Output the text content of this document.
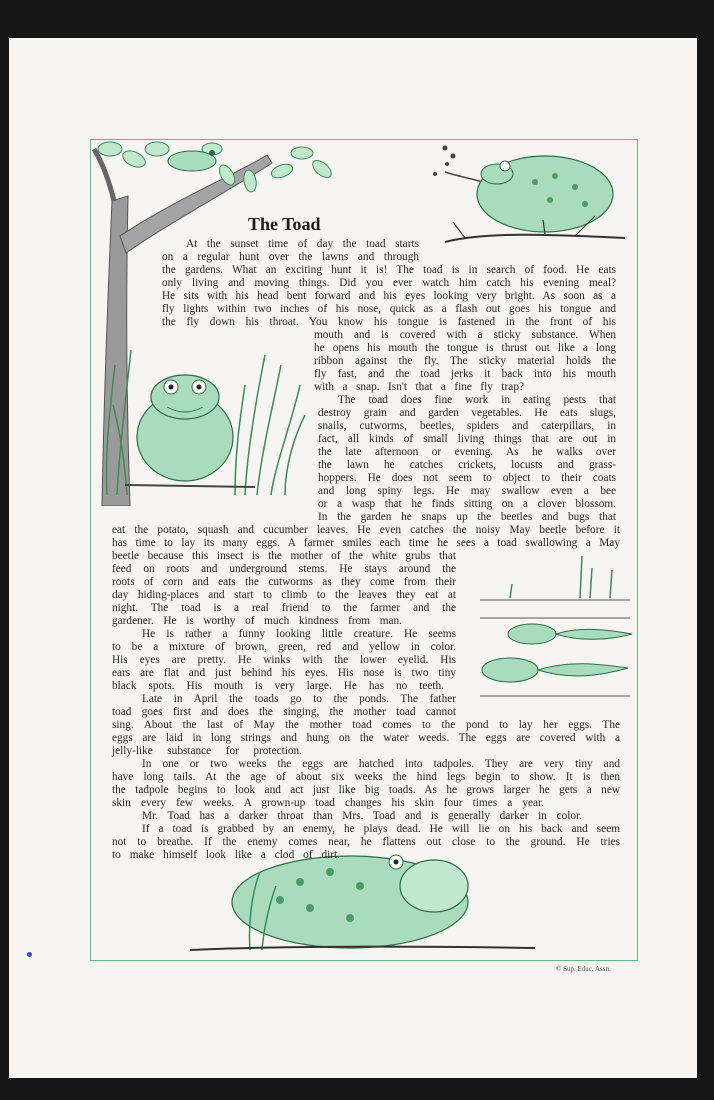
The Toad

At the sunset time of day the toad starts

on a regular hunt over the lawns and through

the gardens. What an exciting hunt it is! The toad is in search of food. He eats

only living and moving things. Did you ever watch him catch his evening meal?

He sits with his head bent forward and his eyes looking very bright. As soon as a

fly lights within two inches of his nose, quick as a flash out goes his tongue and

the fly down his throat. You know his tongue is fastened in the front of his

mouth and is covered with a sticky substance. When

he opens his mouth the tongue is thrust out like a long

ribbon against the fly. The sticky material holds the

fly fast, and the toad jerks it back into his mouth

with a snap. Isn't that a fine fly trap?

The toad does fine work in eating pests that

destroy grain and garden vegetables. He eats slugs,

snails, cutworms, beetles, spiders and caterpillars, in

fact, all kinds of small living things that are out in

the late afternoon or evening. As he walks over

the lawn he catches crickets, locusts and grass-

hoppers. He does not seem to object to their coats

and long spiny legs. He may swallow even a bee

or a wasp that he finds sitting on a clover blossom.

In the garden he snaps up the beetles and bugs that

eat the potato, squash and cucumber leaves. He even catches the noisy May beetle before it

has time to lay its many eggs. A farmer smiles each time he sees a toad swallowing a May

beetle because this insect is the mother of the white grubs that

feed on roots and underground stems. He stays around the

roots of corn and eats the cutworms as they come from their

day hiding-places and start to climb to the leaves they eat at

night. The toad is a real friend to the farmer and the

gardener. He is worthy of much kindness from man.

He is rather a funny looking little creature. He seems

to be a mixture of brown, green, red and yellow in color.

His eyes are pretty. He winks with the lower eyelid. His

ears are flat and just behind his eyes. His nose is two tiny

black spots. His mouth is very large. He has no teeth.

Late in April the toads go to the ponds. The father

toad goes first and does the singing, the mother toad cannot

sing. About the last of May the mother toad comes to the pond to lay her eggs. The

eggs are laid in long strings and hung on the water weeds. The eggs are covered with a

jelly-like substance for protection.

In one or two weeks the eggs are hatched into tadpoles. They are very tiny and

have long tails. At the age of about six weeks the hind legs begin to show. It is then

the tadpole begins to look and act just like big toads. As he grows larger he gets a new

skin every few weeks. A grown-up toad changes his skin four times a year.

Mr. Toad has a darker throat than Mrs. Toad and is generally darker in color.

If a toad is grabbed by an enemy, he plays dead. He will lie on his back and seem

not to breathe. If the enemy comes near, he flattens out close to the ground. He tries

to make himself look like a clod of dirt.

© Sup. Educ. Assn.
